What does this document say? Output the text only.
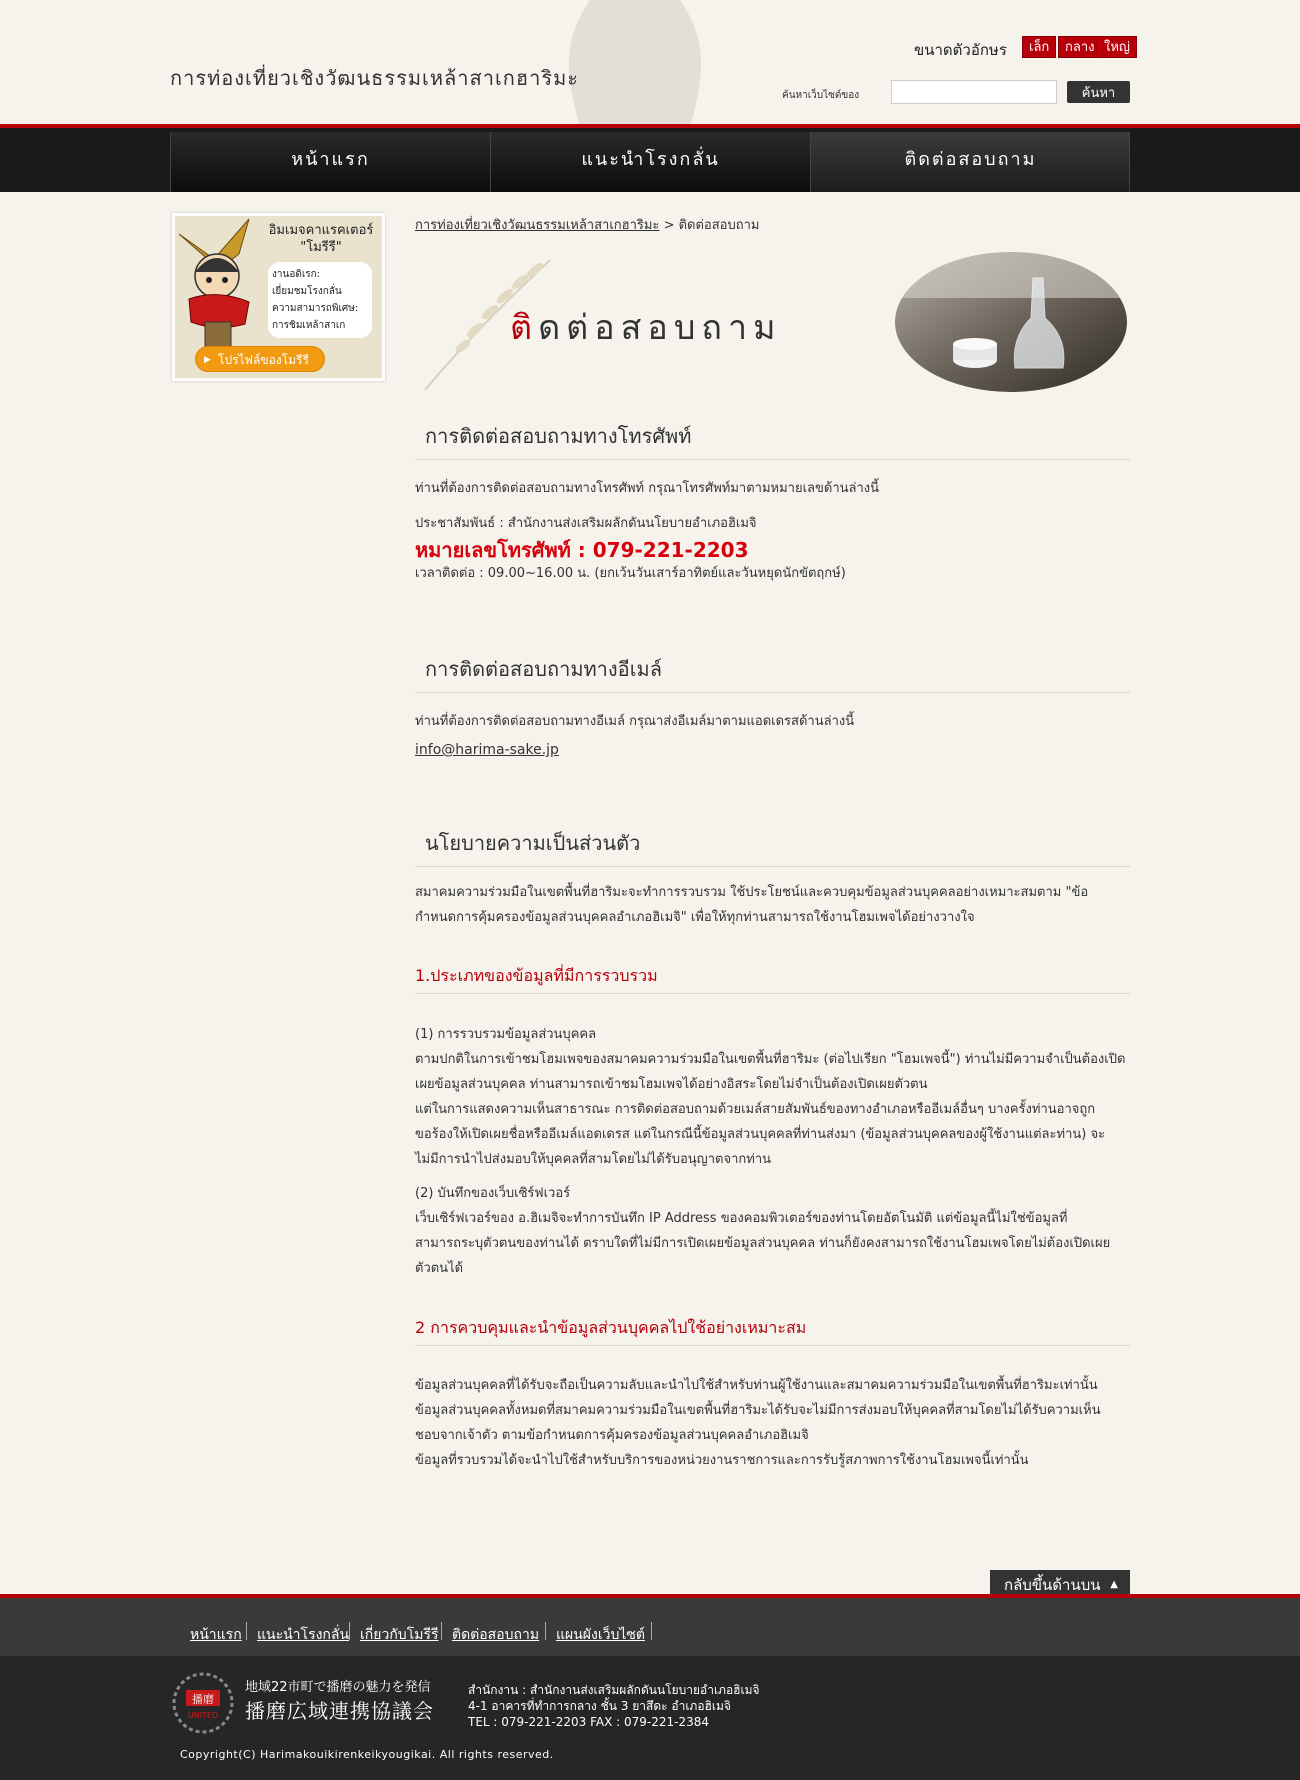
การท่องเที่ยวเชิงวัฒนธรรมเหล้าสาเกฮาริมะ
ขนาดตัวอักษร	เล็ก	กลาง ใหญ่
ค้นหาเว็บไซต์ของ	ค้นหา
หน้าแรก	แนะนำโรงกลั่น	ติดต่อสอบถาม
อิมเมจคาแรคเตอร์
"โมรีรี"
งานอดิเรก:
เยี่ยมชมโรงกลั่น
ความสามารถพิเศษ:
การชิมเหล้าสาเก
▶ โปรไฟล์ของโมรีรี
การท่องเที่ยวเชิงวัฒนธรรมเหล้าสาเกฮาริมะ > ติดต่อสอบถาม
ติดต่อสอบถาม
การติดต่อสอบถามทางโทรศัพท์
ท่านที่ต้องการติดต่อสอบถามทางโทรศัพท์ กรุณาโทรศัพท์มาตามหมายเลขด้านล่างนี้
ประชาสัมพันธ์ : สำนักงานส่งเสริมผลักดันนโยบายอำเภอฮิเมจิ
หมายเลขโทรศัพท์ : 079-221-2203
เวลาติดต่อ : 09.00~16.00 น. (ยกเว้นวันเสาร์อาทิตย์และวันหยุดนักขัตฤกษ์)
การติดต่อสอบถามทางอีเมล์
ท่านที่ต้องการติดต่อสอบถามทางอีเมล์ กรุณาส่งอีเมล์มาตามแอดเดรสด้านล่างนี้
info@harima-sake.jp
นโยบายความเป็นส่วนตัว
สมาคมความร่วมมือในเขตพื้นที่ฮาริมะจะทำการรวบรวม ใช้ประโยชน์และควบคุมข้อมูลส่วนบุคคลอย่างเหมาะสมตาม "ข้อ
กำหนดการคุ้มครองข้อมูลส่วนบุคคลอำเภอฮิเมจิ" เพื่อให้ทุกท่านสามารถใช้งานโฮมเพจได้อย่างวางใจ
1.ประเภทของข้อมูลที่มีการรวบรวม
(1) การรวบรวมข้อมูลส่วนบุคคล
ตามปกติในการเข้าชมโฮมเพจของสมาคมความร่วมมือในเขตพื้นที่ฮาริมะ (ต่อไปเรียก "โฮมเพจนี้") ท่านไม่มีความจำเป็นต้องเปิด
เผยข้อมูลส่วนบุคคล ท่านสามารถเข้าชมโฮมเพจได้อย่างอิสระโดยไม่จำเป็นต้องเปิดเผยตัวตน
แต่ในการแสดงความเห็นสาธารณะ การติดต่อสอบถามด้วยเมล์สายสัมพันธ์ของทางอำเภอหรืออีเมล์อื่นๆ บางครั้งท่านอาจถูก
ขอร้องให้เปิดเผยชื่อหรืออีเมล์แอดเดรส แต่ในกรณีนี้ข้อมูลส่วนบุคคลที่ท่านส่งมา (ข้อมูลส่วนบุคคลของผู้ใช้งานแต่ละท่าน) จะ
ไม่มีการนำไปส่งมอบให้บุคคลที่สามโดยไม่ได้รับอนุญาตจากท่าน
(2) บันทึกของเว็บเซิร์ฟเวอร์
เว็บเซิร์ฟเวอร์ของ อ.ฮิเมจิจะทำการบันทึก IP Address ของคอมพิวเตอร์ของท่านโดยอัตโนมัติ แต่ข้อมูลนี้ไม่ใช่ข้อมูลที่
สามารถระบุตัวตนของท่านได้ ตราบใดที่ไม่มีการเปิดเผยข้อมูลส่วนบุคคล ท่านก็ยังคงสามารถใช้งานโฮมเพจโดยไม่ต้องเปิดเผย
ตัวตนได้
2 การควบคุมและนำข้อมูลส่วนบุคคลไปใช้อย่างเหมาะสม
ข้อมูลส่วนบุคคลที่ได้รับจะถือเป็นความลับและนำไปใช้สำหรับท่านผู้ใช้งานและสมาคมความร่วมมือในเขตพื้นที่ฮาริมะเท่านั้น
ข้อมูลส่วนบุคคลทั้งหมดที่สมาคมความร่วมมือในเขตพื้นที่ฮาริมะได้รับจะไม่มีการส่งมอบให้บุคคลที่สามโดยไม่ได้รับความเห็น
ชอบจากเจ้าตัว ตามข้อกำหนดการคุ้มครองข้อมูลส่วนบุคคลอำเภอฮิเมจิ
ข้อมูลที่รวบรวมได้จะนำไปใช้สำหรับบริการของหน่วยงานราชการและการรับรู้สภาพการใช้งานโฮมเพจนี้เท่านั้น
กลับขึ้นด้านบน ▲
หน้าแรก แนะนำโรงกลั่น เกี่ยวกับโมรีรี ติดต่อสอบถาม แผนผังเว็บไซต์
播磨
UNITED
地域22市町で播磨の魅力を発信
播磨広域連携協議会
สำนักงาน : สำนักงานส่งเสริมผลักดันนโยบายอำเภอฮิเมจิ
4-1 อาคารที่ทำการกลาง ชั้น 3 ยาสึดะ อำเภอฮิเมจิ
TEL : 079-221-2203 FAX : 079-221-2384
Copyright(C) Harimakouikirenkeikyougikai. All rights reserved.
